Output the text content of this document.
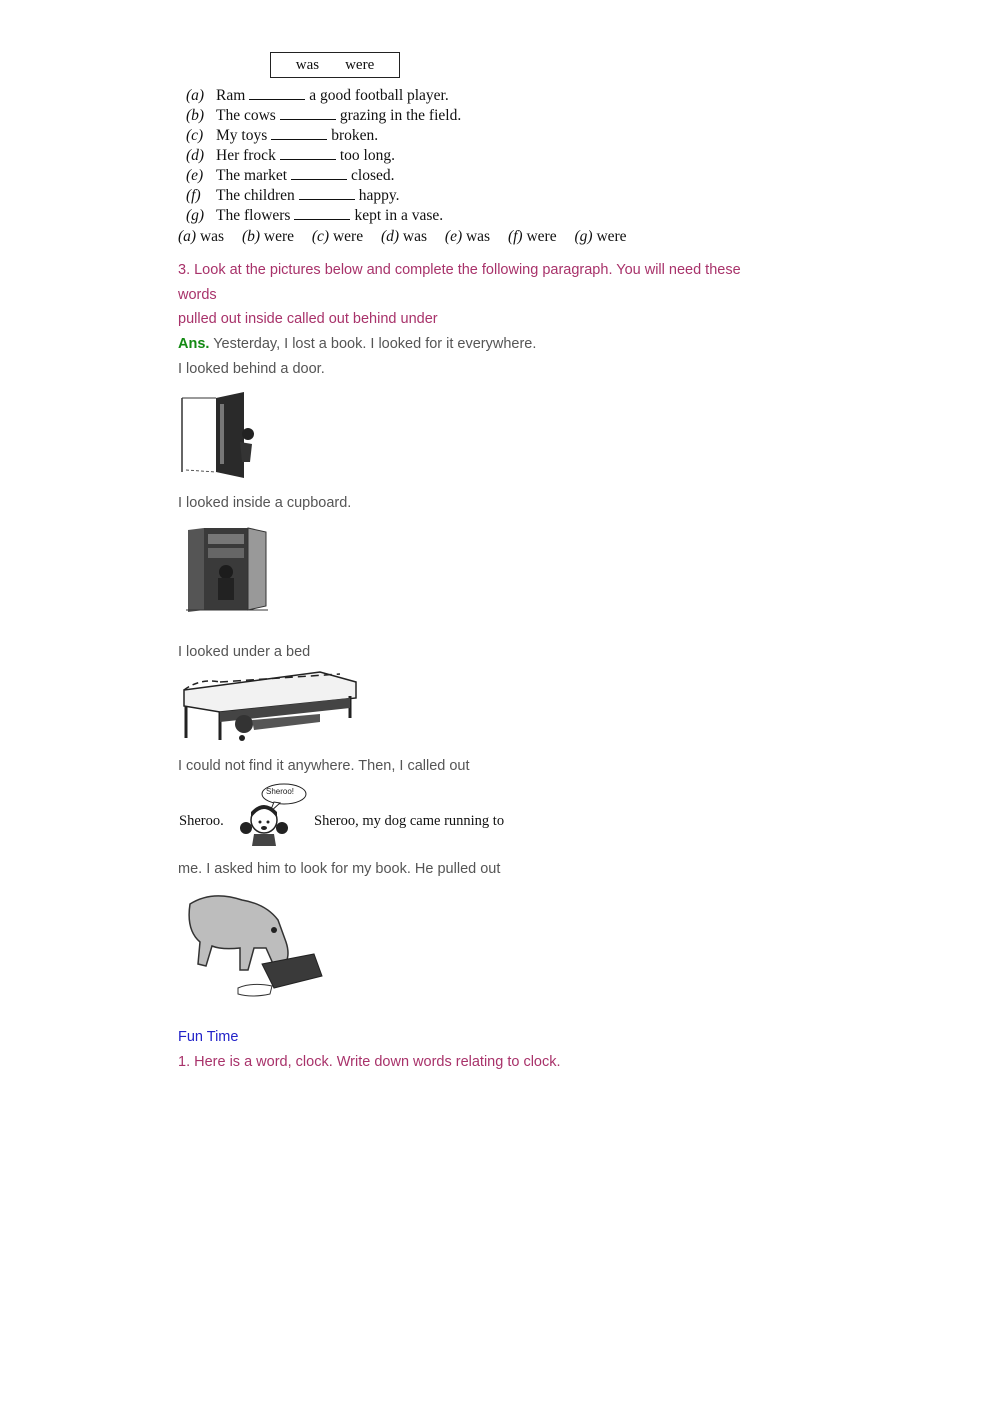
was were
(a) Ram	a good football player.
(b) The cows	grazing in the field.
(c) My toys	broken.
(d) Her frock	too long.
(e) The market	closed.
(f) The children	happy.
(g) The flowers	kept in a vase.
(a) was (b) were (c) were (d) was (e) was (f) were (g) were
3. Look at the pictures below and complete the following paragraph. You will need these
words
pulled out inside called out behind under
Ans. Yesterday, I lost a book. I looked for it everywhere.
I looked behind a door.
I looked inside a cupboard.
I looked under a bed
I could not find it anywhere. Then, I called out
Sheroo.
Sheroo!
Sheroo, my dog came running to
me. I asked him to look for my book. He pulled out
Fun Time
1. Here is a word, clock. Write down words relating to clock.
